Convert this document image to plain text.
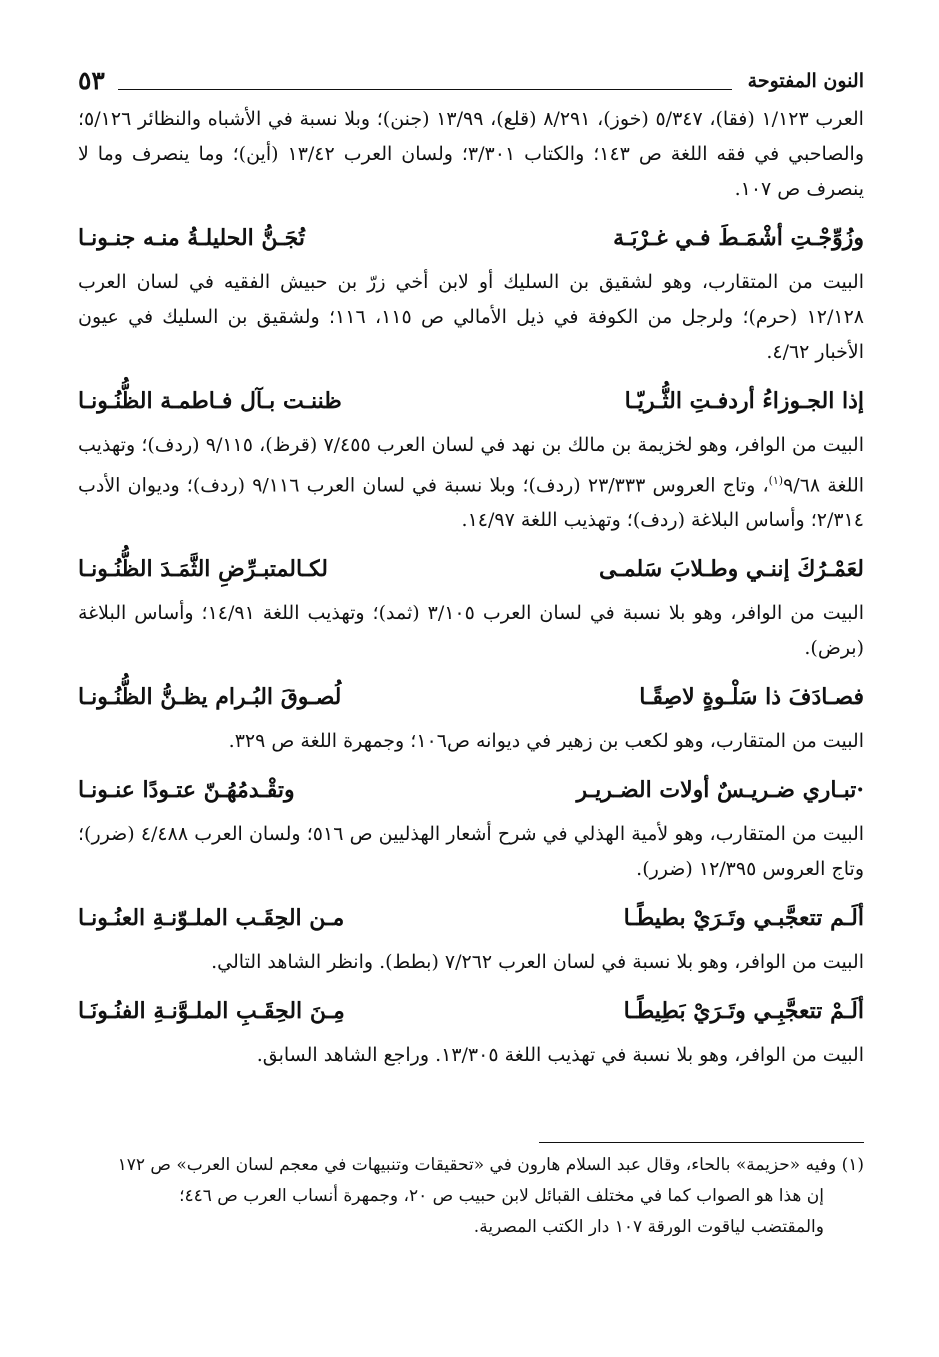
النون المفتوحة
٥٣

العرب ١/١٢٣ (فقا)، ٥/٣٤٧ (خوز)، ٨/٢٩١ (قلع)، ١٣/٩٩ (جنن)؛ وبلا نسبة في الأشباه والنظائر ٥/١٢٦؛ والصاحبي في فقه اللغة ص ١٤٣؛ والكتاب ٣/٣٠١؛ ولسان العرب ١٣/٤٢ (أين)؛ وما ينصرف وما لا ينصرف ص ١٠٧.

وزُوِّجْـتِ أشْمَـطَ فـي غـرْبَـة
تُجَـنُّ الحليلـةُ منـه جنـونـا

البيت من المتقارب، وهو لشقيق بن السليك أو لابن أخي زرّ بن حبيش الفقيه في لسان العرب ١٢/١٢٨ (حرم)؛ ولرجل من الكوفة في ذيل الأمالي ص ١١٥، ١١٦؛ ولشقيق بن السليك في عيون الأخبار ٤/٦٢.

إذا الجـوزاءُ أردفـتِ الثُّـريّـا
ظننـت بـآل فـاطمـة الظُّنُـونـا

البيت من الوافر، وهو لخزيمة بن مالك بن نهد في لسان العرب ٧/٤٥٥ (قرظ)، ٩/١١٥ (ردف)؛ وتهذيب اللغة ٩/٦٨$^{(١)}$، وتاج العروس ٢٣/٣٣٣ (ردف)؛ وبلا نسبة في لسان العرب ٩/١١٦ (ردف)؛ وديوان الأدب ٢/٣١٤؛ وأساس البلاغة (ردف)؛ وتهذيب اللغة ١٤/٩٧.

لعَمْـرُكَ إننـي وطـلابَ سَلمـى
لكـالمتبـرِّضِ الثَّمَـدَ الظُّنُـونـا

البيت من الوافر، وهو بلا نسبة في لسان العرب ٣/١٠٥ (ثمد)؛ وتهذيب اللغة ١٤/٩١؛ وأساس البلاغة (برض).

فصـادَفَ ذا سَلْـوةٍ لاصِقًـا
لُصـوقَ البُـرام يظـنُّ الظُّنُـونـا

البيت من المتقارب، وهو لكعب بن زهير في ديوانه ص١٠٦؛ وجمهرة اللغة ص ٣٢٩.

·تبـاري ضـريـسٌ أولات الضـريـر
وتقْـدمُهُـنّ عتـودًا عنـونـا

البيت من المتقارب، وهو لأمية الهذلي في شرح أشعار الهذليين ص ٥١٦؛ ولسان العرب ٤/٤٨٨ (ضرر)؛ وتاج العروس ١٢/٣٩٥ (ضرر).

ألَـم تتعجَّبـي وتَـرَيْ بطيطًـا
مـن الحِقَـب الملـوّنـةِ العنُـونـا

البيت من الوافر، وهو بلا نسبة في لسان العرب ٧/٢٦٢ (بطط). وانظر الشاهد التالي.

ألَـمْ تتعجَّبِـي وتَـرَيْ بَطِيطًـا
مِـنَ الحِقَـبِ الملـوَّنـةِ الفنُـونَـا

البيت من الوافر، وهو بلا نسبة في تهذيب اللغة ١٣/٣٠٥. وراجع الشاهد السابق.

(١) وفيه «حزيمة» بالحاء، وقال عبد السلام هارون في «تحقيقات وتنبيهات في معجم لسان العرب» ص ١٧٢
إن هذا هو الصواب كما في مختلف القبائل لابن حبيب ص ٢٠، وجمهرة أنساب العرب ص ٤٤٦؛
والمقتضب لياقوت الورقة ١٠٧ دار الكتب المصرية.
